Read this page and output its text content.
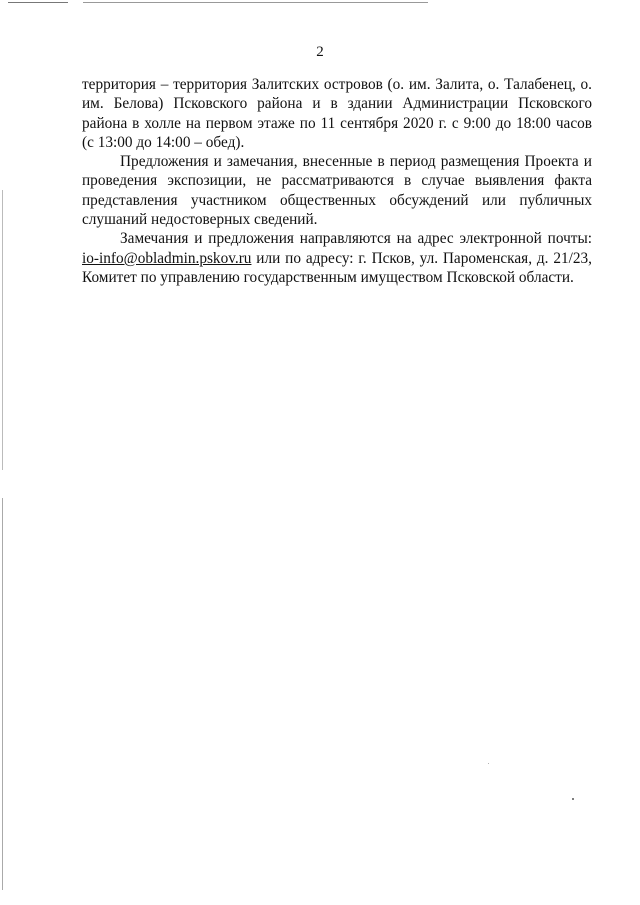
2

территория – территория Залитских островов (о. им. Залита, о. Талабенец, о.
им. Белова) Псковского района и в здании Администрации Псковского
района в холле на первом этаже по 11 сентября 2020 г. с 9:00 до 18:00 часов
(с 13:00 до 14:00 – обед).

Предложения и замечания, внесенные в период размещения Проекта и
проведения экспозиции, не рассматриваются в случае выявления факта
представления участником общественных обсуждений или публичных
слушаний недостоверных сведений.

Замечания и предложения направляются на адрес электронной почты:
io-info@obladmin.pskov.ru или по адресу: г. Псков, ул. Пароменская, д. 21/23,
Комитет по управлению государственным имуществом Псковской области.
